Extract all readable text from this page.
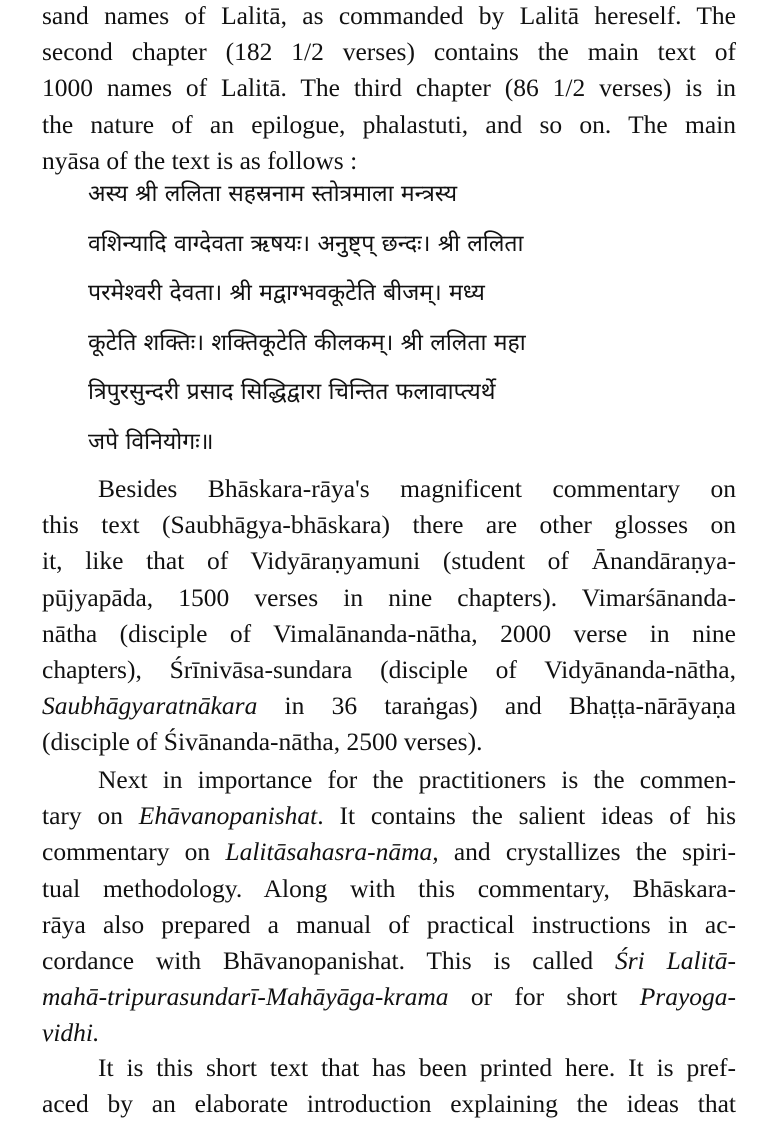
sand names of Lalitā, as commanded by Lalitā hereself. The
second chapter (182 1/2 verses) contains the main text of
1000 names of Lalitā. The third chapter (86 1/2 verses) is in
the nature of an epilogue, phalastuti, and so on. The main
nyāsa of the text is as follows :
अस्य श्री ललिता सहस्रनाम स्तोत्रमाला मन्त्रस्य
वशिन्यादि वाग्देवता ऋषयः। अनुष्ट्प् छन्दः। श्री ललिता
परमेश्वरी देवता। श्री मद्वाग्भवकूटेति बीजम्। मध्य
कूटेति शक्तिः। शक्तिकूटेति कीलकम्। श्री ललिता महा
त्रिपुरसुन्दरी प्रसाद सिद्धिद्वारा चिन्तित फलावाप्त्यर्थे
जपे विनियोगः॥
Besides Bhāskara-rāya's magnificent commentary on
this text (Saubhāgya-bhāskara) there are other glosses on
it, like that of Vidyāraṇyamuni (student of Ānandāraṇya-
pūjyapāda, 1500 verses in nine chapters). Vimarśānanda-
nātha (disciple of Vimalānanda-nātha, 2000 verse in nine
chapters), Śrīnivāsa-sundara (disciple of Vidyānanda-nātha,
Saubhāgyaratnākara in 36 taraṅgas) and Bhaṭṭa-nārāyaṇa
(disciple of Śivānanda-nātha, 2500 verses).
Next in importance for the practitioners is the commen-
tary on Ehāvanopanishat. It contains the salient ideas of his
commentary on Lalitāsahasra-nāma, and crystallizes the spiri-
tual methodology. Along with this commentary, Bhāskara-
rāya also prepared a manual of practical instructions in ac-
cordance with Bhāvanopanishat. This is called Śri Lalitā-
mahā-tripurasundarī-Mahāyāga-krama or for short Prayoga-
vidhi.
It is this short text that has been printed here. It is pref-
aced by an elaborate introduction explaining the ideas that
